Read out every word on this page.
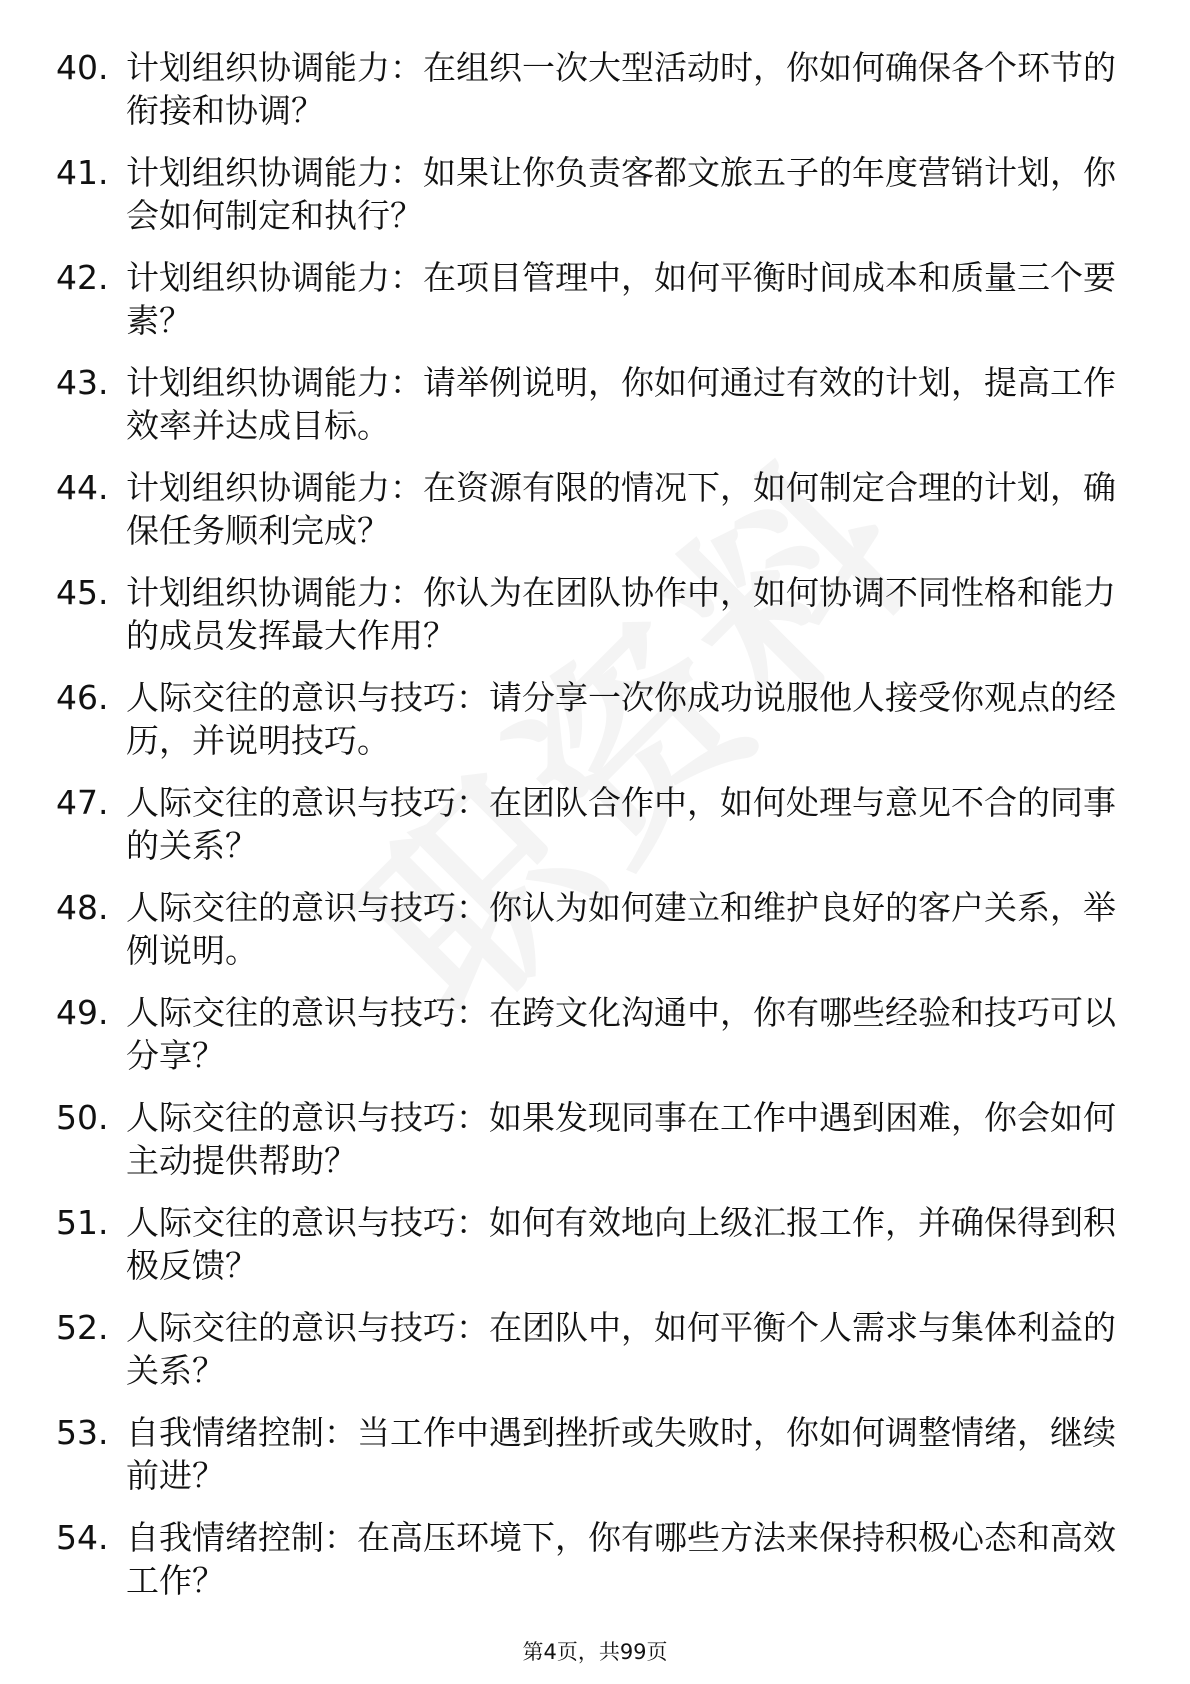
40. 计划组织协调能力：在组织一次大型活动时，你如何确保各个环节的衔接和协调？
41. 计划组织协调能力：如果让你负责客都文旅五子的年度营销计划，你会如何制定和执行？
42. 计划组织协调能力：在项目管理中，如何平衡时间成本和质量三个要素？
43. 计划组织协调能力：请举例说明，你如何通过有效的计划，提高工作效率并达成目标。
44. 计划组织协调能力：在资源有限的情况下，如何制定合理的计划，确保任务顺利完成？
45. 计划组织协调能力：你认为在团队协作中，如何协调不同性格和能力的成员发挥最大作用？
46. 人际交往的意识与技巧：请分享一次你成功说服他人接受你观点的经历，并说明技巧。
47. 人际交往的意识与技巧：在团队合作中，如何处理与意见不合的同事的关系？
48. 人际交往的意识与技巧：你认为如何建立和维护良好的客户关系，举例说明。
49. 人际交往的意识与技巧：在跨文化沟通中，你有哪些经验和技巧可以分享？
50. 人际交往的意识与技巧：如果发现同事在工作中遇到困难，你会如何主动提供帮助？
51. 人际交往的意识与技巧：如何有效地向上级汇报工作，并确保得到积极反馈？
52. 人际交往的意识与技巧：在团队中，如何平衡个人需求与集体利益的关系？
53. 自我情绪控制：当工作中遇到挫折或失败时，你如何调整情绪，继续前进？
54. 自我情绪控制：在高压环境下，你有哪些方法来保持积极心态和高效工作？
第4页，共99页
